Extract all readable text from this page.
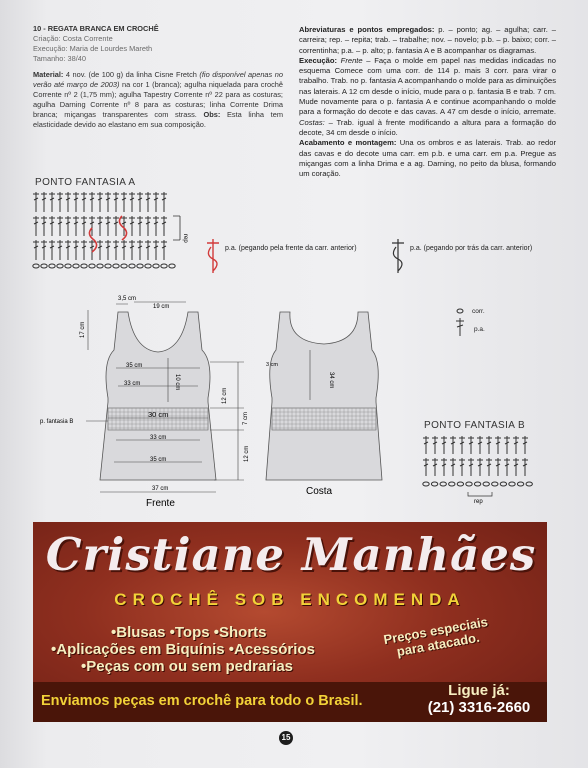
10 - REGATA BRANCA EM CROCHÊ
Criação: Costa Corrente
Execução: Maria de Lourdes Mareth
Tamanho: 38/40
Material: 4 nov. (de 100 g) da linha Cisne Fretch (fio disponível apenas no verão até março de 2003) na cor 1 (branca); agulha niquelada para crochê Corrente nº 2 (1,75 mm); agulha Tapestry Corrente nº 22 para as costuras; agulha Darning Corrente nº 8 para as costuras; linha Corrente Drima branca; miçangas transparentes com strass. Obs: Esta linha tem elasticidade devido ao elastano em sua composição.

Abreviaturas e pontos empregados: p. – ponto; ag. – agulha; carr. – carreira; rep. – repita; trab. – trabalhe; nov. – novelo; p.b. – p. baixo; corr. – correntinha; p.a. – p. alto; p. fantasia A e B acompanhar os diagramas.

Execução: Frente – Faça o molde em papel nas medidas indicadas no esquema Comece com uma corr. de 114 p. mais 3 corr. para virar o trabalho. Trab. no p. fantasia A acompanhando o molde para as diminuições nas laterais. A 12 cm desde o início, mude para o p. fantasia B e trab. 7 cm. Mude novamente para o p. fantasia A e continue acompanhando o molde para a formação do decote e das cavas. A 47 cm desde o início, arremate. Costas: – Trab. igual à frente modificando a altura para a formação do decote, 34 cm desde o início.

Acabamento e montagem: Una os ombros e as laterais. Trab. ao redor das cavas e do decote uma carr. em p.b. e uma carr. em p.a. Pregue as miçangas com a linha Drima e a ag. Darning, no peito da blusa, formando um coração.

PONTO FANTASIA A
rep
p.a. (pegando pela frente da carr. anterior)	p.a. (pegando por trás da carr. anterior)
corr.
p.a.
3,5 cm
19 cm
17 cm
35 cm
33 cm	10 cm
30 cm
33 cm
35 cm
37 cm
12 cm
7 cm
12 cm
3 cm
34 cm
p. fantasia B
Frente
Costa
PONTO FANTASIA B
rep
Cristiane Manhães
CROCHÊ SOB ENCOMENDA
•Blusas •Tops •Shorts
•Aplicações em Biquínis •Acessórios
•Peças com ou sem pedrarias
Preços especiais para atacado.
Enviamos peças em crochê para todo o Brasil.
Ligue já:
(21) 3316-2660
15
